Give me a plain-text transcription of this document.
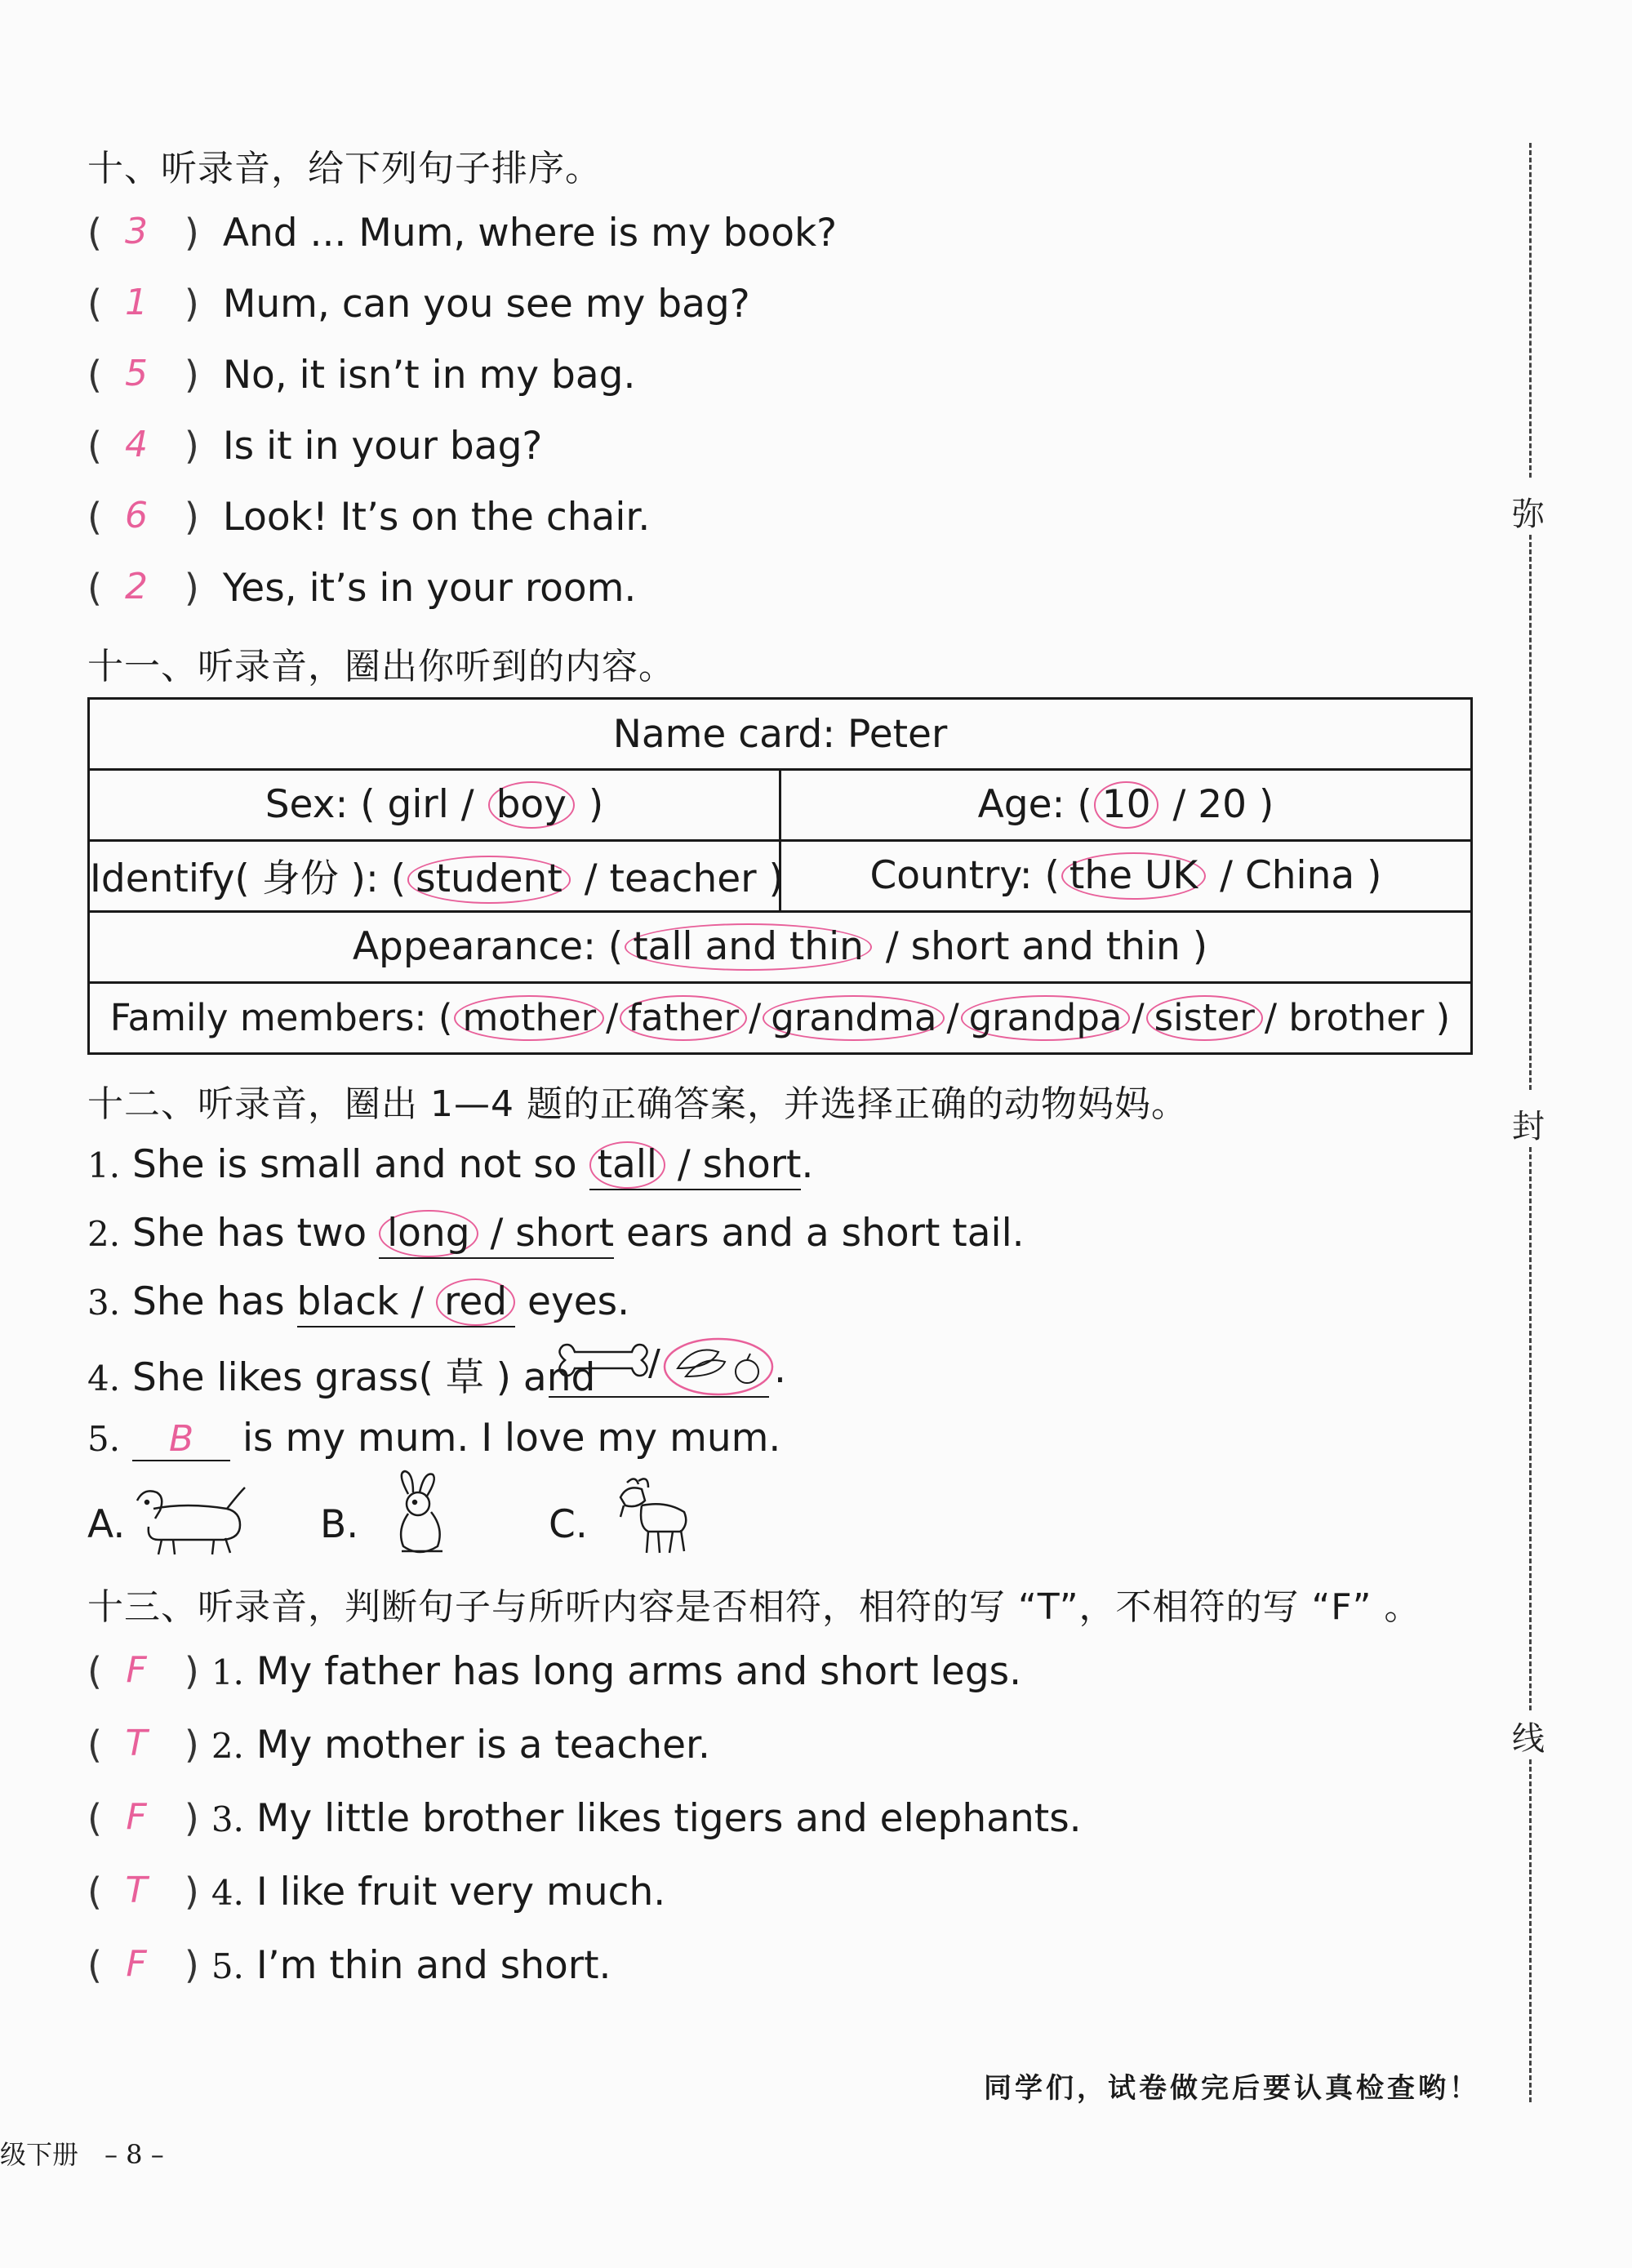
十、听录音，给下列句子排序。
( 3 ) And ... Mum, where is my book?
( 1 ) Mum, can you see my bag?
( 5 ) No, it isn’t in my bag.
( 4 ) Is it in your bag?
( 6 ) Look! It’s on the chair.
( 2 ) Yes, it’s in your room.
十一、听录音，圈出你听到的内容。
Name card: Peter	
Sex: ( girl / boy )	Age: ( 10 / 20 )
Identify( 身份 ): ( student / teacher )	Country: ( the UK / China )
Appearance: ( tall and thin / short and thin )	
Family members: ( mother / father / grandma / grandpa / sister / brother )	
十二、听录音，圈出 1—4 题的正确答案，并选择正确的动物妈妈。
1. She is small and not so tall / short.
2. She has two long / short ears and a short tail.
3. She has black / red eyes.
4. She likes grass( 草 ) and /	.
5. B is my mum. I love my mum.
A.	B.	C.
十三、听录音，判断句子与所听内容是否相符，相符的写 “T”，不相符的写 “F” 。
( F	) 1. My father has long arms and short legs.
( T ) 2. My mother is a teacher.
( F	) 3. My little brother likes tigers and elephants.
( T ) 4. I like fruit very much.
( F	) 5. I’m thin and short.
弥
封
线
同学们，试卷做完后要认真检查哟！
级下册　– 8 –
